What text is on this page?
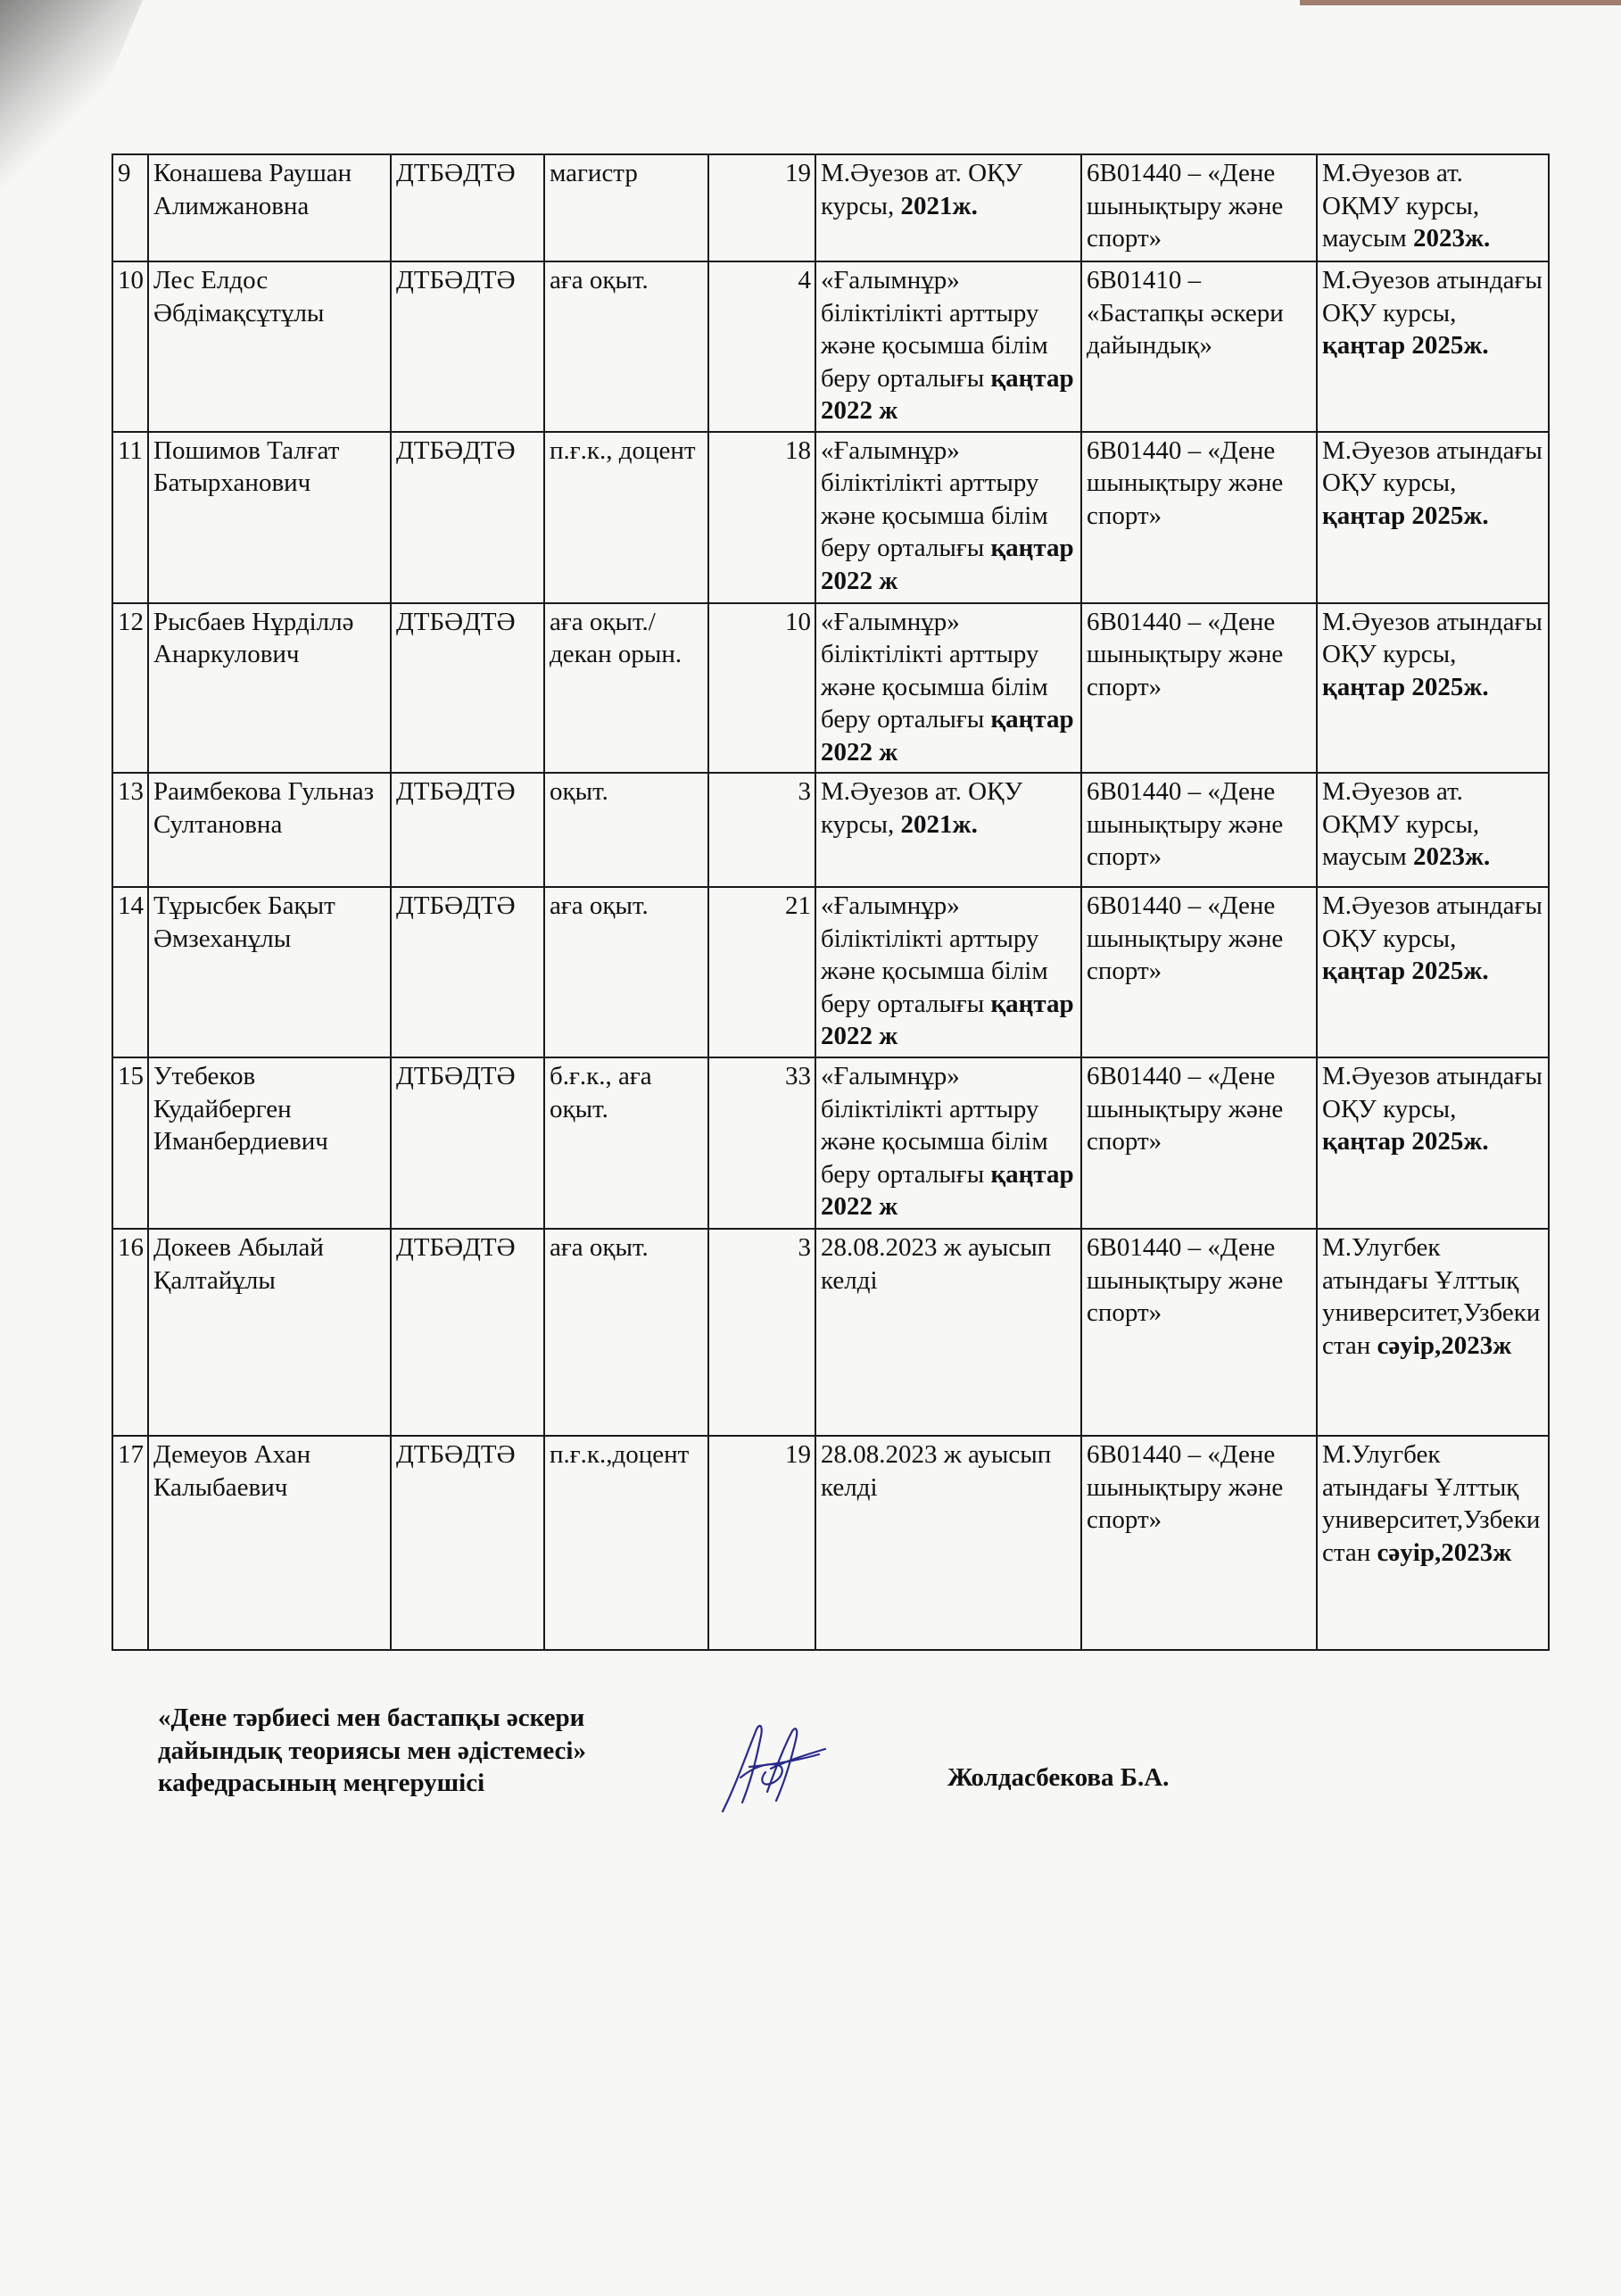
9	Конашева Раушан Алимжановна	ДТБӘДТӘ	магистр	19	М.Әуезов ат. ОҚУ курсы, 2021ж.	6В01440 – «Дене шынықтыру және спорт»	М.Әуезов ат. ОҚМУ курсы, маусым 2023ж.
10	Лес Елдос Әбдімақсұтұлы	ДТБӘДТӘ	аға оқыт.	4	«Ғалымнұр» біліктілікті арттыру және қосымша білім беру орталығы қаңтар 2022 ж	6В01410 – «Бастапқы әскери дайындық»	М.Әуезов атындағы ОҚУ курсы, қаңтар 2025ж.
11	Пошимов Талғат Батырханович	ДТБӘДТӘ	п.ғ.к., доцент	18	«Ғалымнұр» біліктілікті арттыру және қосымша білім беру орталығы қаңтар 2022 ж	6В01440 – «Дене шынықтыру және спорт»	М.Әуезов атындағы ОҚУ курсы, қаңтар 2025ж.
12	Рысбаев Нұрділлә Анаркулович	ДТБӘДТӘ	аға оқыт./декан орын.	10	«Ғалымнұр» біліктілікті арттыру және қосымша білім беру орталығы қаңтар 2022 ж	6В01440 – «Дене шынықтыру және спорт»	М.Әуезов атындағы ОҚУ курсы, қаңтар 2025ж.
13	Раимбекова Гульназ Султановна	ДТБӘДТӘ	оқыт.	3	М.Әуезов ат. ОҚУ курсы, 2021ж.	6В01440 – «Дене шынықтыру және спорт»	М.Әуезов ат. ОҚМУ курсы, маусым 2023ж.
14	Тұрысбек Бақыт Әмзеханұлы	ДТБӘДТӘ	аға оқыт.	21	«Ғалымнұр» біліктілікті арттыру және қосымша білім беру орталығы қаңтар 2022 ж	6В01440 – «Дене шынықтыру және спорт»	М.Әуезов атындағы ОҚУ курсы, қаңтар 2025ж.
15	Утебеков Кудайберген Иманбердиевич	ДТБӘДТӘ	б.ғ.к., аға оқыт.	33	«Ғалымнұр» біліктілікті арттыру және қосымша білім беру орталығы қаңтар 2022 ж	6В01440 – «Дене шынықтыру және спорт»	М.Әуезов атындағы ОҚУ курсы, қаңтар 2025ж.
16	Докеев Абылай Қалтайұлы	ДТБӘДТӘ	аға оқыт.	3	28.08.2023 ж ауысып келді	6В01440 – «Дене шынықтыру және спорт»	М.Улугбек атындағы Ұлттық университет,Узбекистан сәуір,2023ж
17	Демеуов Ахан Калыбаевич	ДТБӘДТӘ	п.ғ.к.,доцент	19	28.08.2023 ж ауысып келді	6В01440 – «Дене шынықтыру және спорт»	М.Улугбек атындағы Ұлттық университет,Узбекистан сәуір,2023ж
«Дене тәрбиесі мен бастапқы әскери
дайындық теориясы мен әдістемесі»
кафедрасының меңгерушісі	Жолдасбекова Б.А.
